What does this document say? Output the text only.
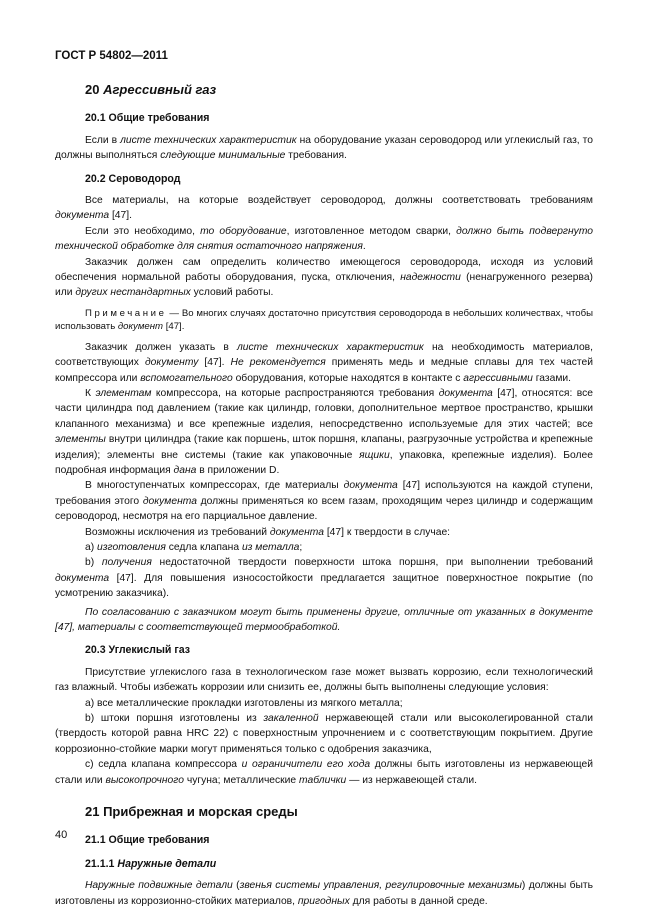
ГОСТ Р 54802—2011
20 Агрессивный газ
20.1 Общие требования

Если в листе технических характеристик на оборудование указан сероводород или углекислый газ, то должны выполняться следующие минимальные требования.

20.2 Сероводород

Все материалы, на которые воздействует сероводород, должны соответствовать требованиям документа [47].

Если это необходимо, то оборудование, изготовленное методом сварки, должно быть подвергнуто технической обработке для снятия остаточного напряжения.

Заказчик должен сам определить количество имеющегося сероводорода, исходя из условий обеспечения нормальной работы оборудования, пуска, отключения, надежности (ненагруженного резерва) или других нестандартных условий работы.

Примечание — Во многих случаях достаточно присутствия сероводорода в небольших количествах, чтобы использовать документ [47].

Заказчик должен указать в листе технических характеристик на необходимость материалов, соответствующих документу [47]. Не рекомендуется применять медь и медные сплавы для тех частей компрессора или вспомогательного оборудования, которые находятся в контакте с агрессивными газами.

К элементам компрессора, на которые распространяются требования документа [47], относятся: все части цилиндра под давлением (такие как цилиндр, головки, дополнительное мертвое пространство, крышки клапанного механизма) и все крепежные изделия, непосредственно используемые для этих частей; все элементы внутри цилиндра (такие как поршень, шток поршня, клапаны, разгрузочные устройства и крепежные изделия); элементы вне системы (такие как упаковочные ящики, упаковка, крепежные изделия). Более подробная информация дана в приложении D.

В многоступенчатых компрессорах, где материалы документа [47] используются на каждой ступени, требования этого документа должны применяться ко всем газам, проходящим через цилиндр и содержащим сероводород, несмотря на его парциальное давление.

Возможны исключения из требований документа [47] к твердости в случае:

а) изготовления седла клапана из металла;

b) получения недостаточной твердости поверхности штока поршня, при выполнении требований документа [47]. Для повышения износостойкости предлагается защитное поверхностное покрытие (по усмотрению заказчика).

По согласованию с заказчиком могут быть применены другие, отличные от указанных в документе [47], материалы с соответствующей термообработкой.

20.3 Углекислый газ

Присутствие углекислого газа в технологическом газе может вызвать коррозию, если технологический газ влажный. Чтобы избежать коррозии или снизить ее, должны быть выполнены следующие условия:

а) все металлические прокладки изготовлены из мягкого металла;

b) штоки поршня изготовлены из закаленной нержавеющей стали или высоколегированной стали (твердость которой равна HRC 22) с поверхностным упрочнением и с соответствующим покрытием. Другие коррозионно-стойкие марки могут применяться только с одобрения заказчика,

с) седла клапана компрессора и ограничители его хода должны быть изготовлены из нержавеющей стали или высокопрочного чугуна; металлические таблички — из нержавеющей стали.

21 Прибрежная и морская среды
21.1 Общие требования
21.1.1 Наружные детали

Наружные подвижные детали (звенья системы управления, регулировочные механизмы) должны быть изготовлены из коррозионно-стойких материалов, пригодных для работы в данной среде.

40
